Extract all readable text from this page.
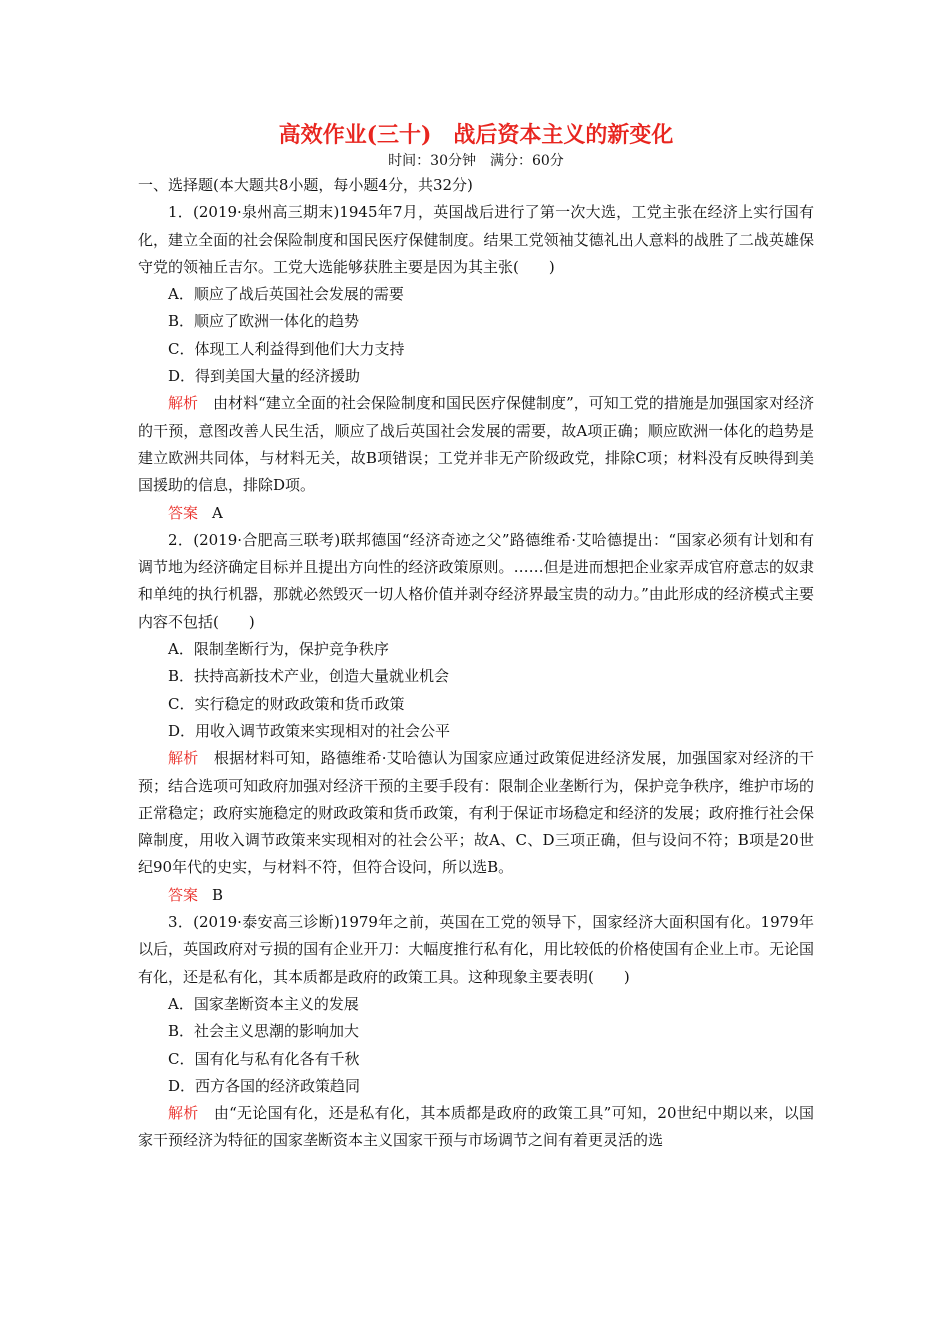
高效作业(三十)　战后资本主义的新变化
时间：30分钟　满分：60分

一、选择题(本大题共8小题，每小题4分，共32分)

1．(2019·泉州高三期末)1945年7月，英国战后进行了第一次大选，工党主张在经济上实行国有化，建立全面的社会保险制度和国民医疗保健制度。结果工党领袖艾德礼出人意料的战胜了二战英雄保守党的领袖丘吉尔。工党大选能够获胜主要是因为其主张(　　)

A．顺应了战后英国社会发展的需要

B．顺应了欧洲一体化的趋势

C．体现工人利益得到他们大力支持

D．得到美国大量的经济援助

解析　 由材料“建立全面的社会保险制度和国民医疗保健制度”，可知工党的措施是加强国家对经济的干预，意图改善人民生活，顺应了战后英国社会发展的需要，故A项正确；顺应欧洲一体化的趋势是建立欧洲共同体，与材料无关，故B项错误；工党并非无产阶级政党，排除C项；材料没有反映得到美国援助的信息，排除D项。

答案 A

2．(2019·合肥高三联考)联邦德国“经济奇迹之父”路德维希·艾哈德提出：“国家必须有计划和有调节地为经济确定目标并且提出方向性的经济政策原则。……但是进而想把企业家弄成官府意志的奴隶和单纯的执行机器，那就必然毁灭一切人格价值并剥夺经济界最宝贵的动力。”由此形成的经济模式主要内容不包括(　　)

A．限制垄断行为，保护竞争秩序

B．扶持高新技术产业，创造大量就业机会

C．实行稳定的财政政策和货币政策

D．用收入调节政策来实现相对的社会公平

解析　 根据材料可知，路德维希·艾哈德认为国家应通过政策促进经济发展，加强国家对经济的干预；结合选项可知政府加强对经济干预的主要手段有：限制企业垄断行为，保护竞争秩序，维护市场的正常稳定；政府实施稳定的财政政策和货币政策，有利于保证市场稳定和经济的发展；政府推行社会保障制度，用收入调节政策来实现相对的社会公平；故A、C、D三项正确，但与设问不符；B项是20世纪90年代的史实，与材料不符，但符合设问，所以选B。

答案 B

3．(2019·泰安高三诊断)1979年之前，英国在工党的领导下，国家经济大面积国有化。1979年以后，英国政府对亏损的国有企业开刀：大幅度推行私有化，用比较低的价格使国有企业上市。无论国有化，还是私有化，其本质都是政府的政策工具。这种现象主要表明(　　)

A．国家垄断资本主义的发展

B．社会主义思潮的影响加大

C．国有化与私有化各有千秋

D．西方各国的经济政策趋同

解析　 由“无论国有化，还是私有化，其本质都是政府的政策工具”可知，20世纪中期以来，以国家干预经济为特征的国家垄断资本主义国家干预与市场调节之间有着更灵活的选
